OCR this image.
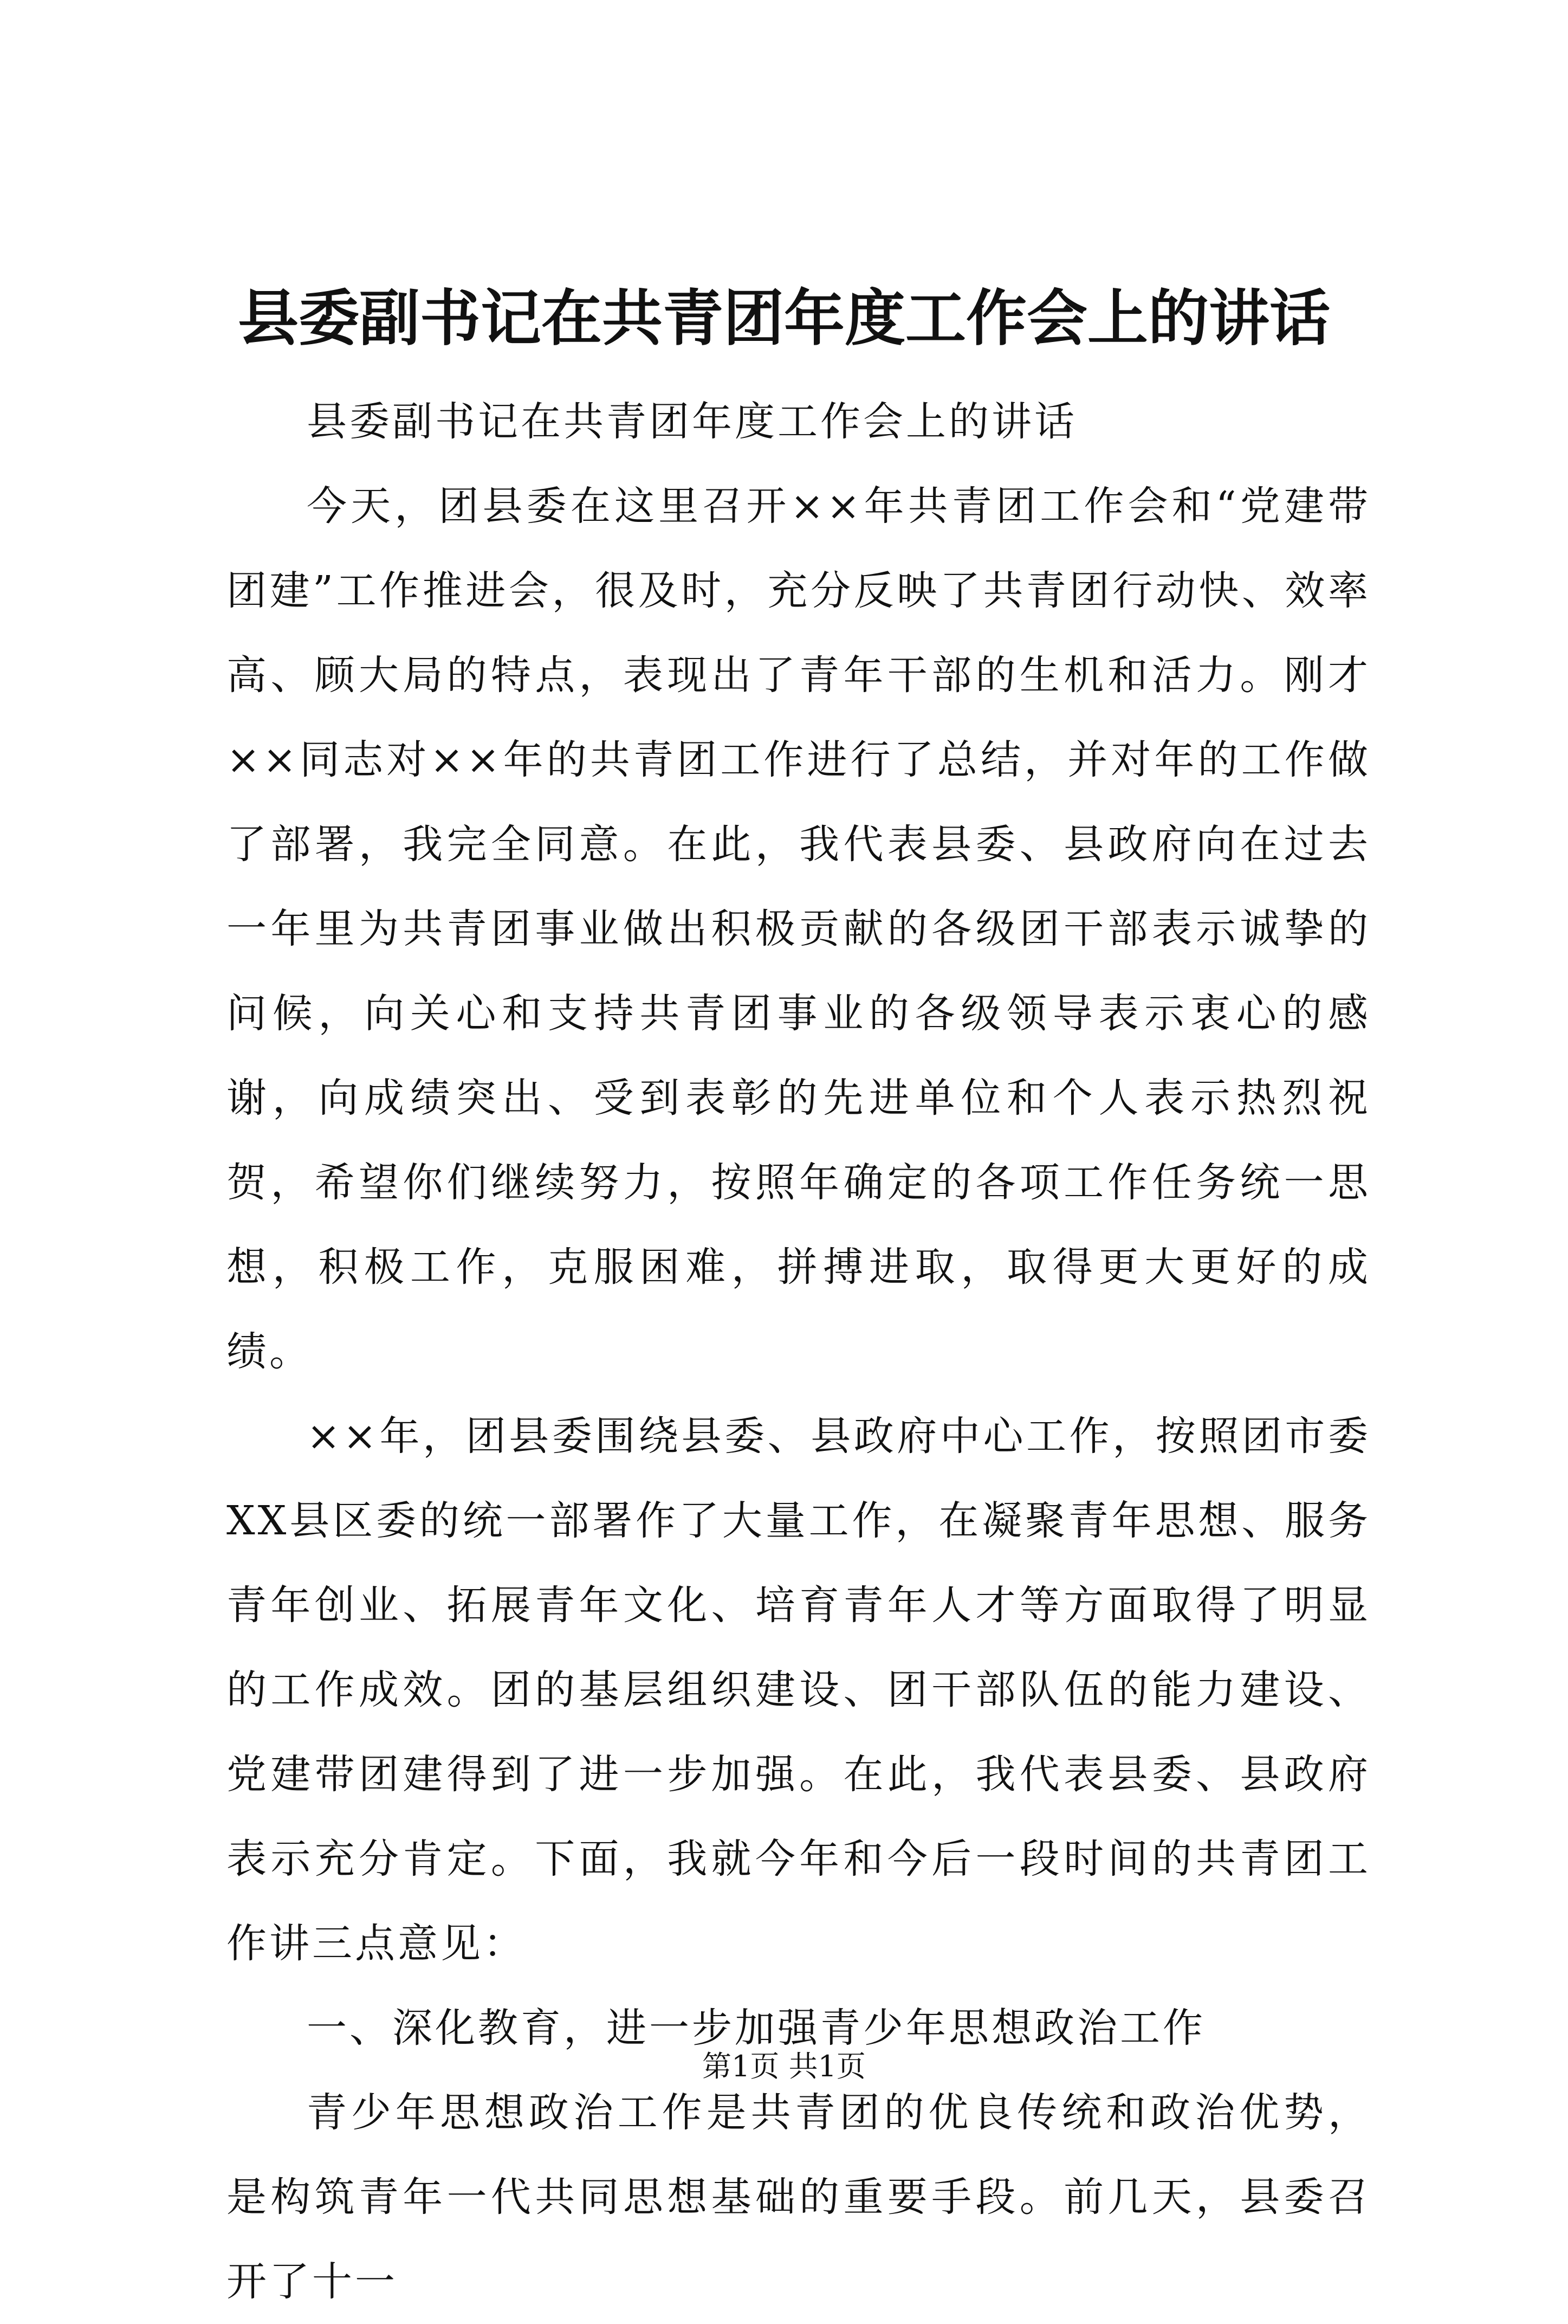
县委副书记在共青团年度工作会上的讲话

县委副书记在共青团年度工作会上的讲话

今天，团县委在这里召开××年共青团工作会和“党建带团建”工作推进会，很及时，充分反映了共青团行动快、效率高、顾大局的特点，表现出了青年干部的生机和活力。刚才××同志对××年的共青团工作进行了总结，并对年的工作做了部署，我完全同意。在此，我代表县委、县政府向在过去一年里为共青团事业做出积极贡献的各级团干部表示诚挚的问候，向关心和支持共青团事业的各级领导表示衷心的感谢，向成绩突出、受到表彰的先进单位和个人表示热烈祝贺，希望你们继续努力，按照年确定的各项工作任务统一思想，积极工作，克服困难，拼搏进取，取得更大更好的成绩。

××年，团县委围绕县委、县政府中心工作，按照团市委XX县区委的统一部署作了大量工作，在凝聚青年思想、服务青年创业、拓展青年文化、培育青年人才等方面取得了明显的工作成效。团的基层组织建设、团干部队伍的能力建设、党建带团建得到了进一步加强。在此，我代表县委、县政府表示充分肯定。下面，我就今年和今后一段时间的共青团工作讲三点意见：

一、深化教育，进一步加强青少年思想政治工作

青少年思想政治工作是共青团的优良传统和政治优势，是构筑青年一代共同思想基础的重要手段。前几天，县委召开了十一

第1页 共1页
